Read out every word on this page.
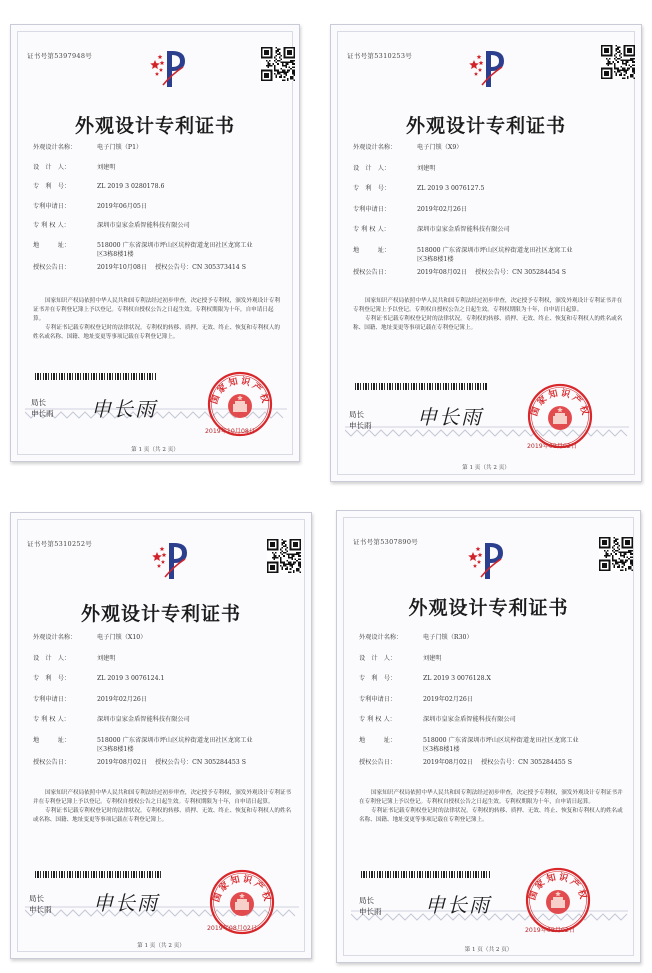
证书号第5397948号
外观设计专利证书
外观设计名称：	电子门锁（P1）
设　计　人：	刘建明
专　利　号：	ZL 2019 3 0280178.6
专利申请日：	2019年06月05日
专 利 权 人：	深圳市皇家金盾智能科技有限公司
地　　　址：	518000 广东省深圳市坪山区坑梓街道龙田社区龙窝工业
区3栋8楼1楼
授权公告日：	2019年10月08日 授权公告号：CN 305373414 S

国家知识产权局依照中华人民共和国专利法经过初步审查，决定授予专利权，颁发外观设计专利证书并在专利登记簿上予以登记。专利权自授权公告之日起生效。专利权期限为十年，自申请日起算。

专利证书记载专利权登记时的法律状况。专利权的转移、质押、无效、终止、恢复和专利权人的姓名或名称、国籍、地址变更等事项记载在专利登记簿上。

局长
申长雨 申长雨	国家知识产权
2019年10月08日
第 1 页（共 2 页）
证书号第5310253号
外观设计专利证书
外观设计名称：	电子门锁（X9）
设　计　人：	刘建明
专　利　号：	ZL 2019 3 0076127.5
专利申请日：	2019年02月26日
专 利 权 人：	深圳市皇家金盾智能科技有限公司
地　　　址：	518000 广东省深圳市坪山区坑梓街道龙田社区龙窝工业
区3栋8楼1楼
授权公告日：	2019年08月02日 授权公告号：CN 305284454 S

国家知识产权局依照中华人民共和国专利法经过初步审查，决定授予专利权，颁发外观设计专利证书并在专利登记簿上予以登记。专利权自授权公告之日起生效。专利权期限为十年，自申请日起算。

专利证书记载专利权登记时的法律状况。专利权的转移、质押、无效、终止、恢复和专利权人的姓名或名称、国籍、地址变更等事项记载在专利登记簿上。

局长
申长雨 申长雨	国家知识产权
2019年08月02日
第 1 页（共 2 页）
证书号第5310252号
外观设计专利证书
外观设计名称：	电子门锁（X10）
设　计　人：	刘建明
专　利　号：	ZL 2019 3 0076124.1
专利申请日：	2019年02月26日
专 利 权 人：	深圳市皇家金盾智能科技有限公司
地　　　址：	518000 广东省深圳市坪山区坑梓街道龙田社区龙窝工业
区3栋8楼1楼
授权公告日：	2019年08月02日 授权公告号：CN 305284453 S

国家知识产权局依照中华人民共和国专利法经过初步审查，决定授予专利权，颁发外观设计专利证书并在专利登记簿上予以登记。专利权自授权公告之日起生效。专利权期限为十年，自申请日起算。

专利证书记载专利权登记时的法律状况。专利权的转移、质押、无效、终止、恢复和专利权人的姓名或名称、国籍、地址变更等事项记载在专利登记簿上。

局长
申长雨 申长雨	国家知识产权
2019年08月02日
第 1 页（共 2 页）
证书号第5307890号
外观设计专利证书
外观设计名称：	电子门锁（R30）
设　计　人：	刘建明
专　利　号：	ZL 2019 3 0076128.X
专利申请日：	2019年02月26日
专 利 权 人：	深圳市皇家金盾智能科技有限公司
地　　　址：	518000 广东省深圳市坪山区坑梓街道龙田社区龙窝工业
区3栋8楼1楼
授权公告日：	2019年08月02日 授权公告号：CN 305284455 S

国家知识产权局依照中华人民共和国专利法经过初步审查，决定授予专利权，颁发外观设计专利证书并在专利登记簿上予以登记。专利权自授权公告之日起生效。专利权期限为十年，自申请日起算。

专利证书记载专利权登记时的法律状况。专利权的转移、质押、无效、终止、恢复和专利权人的姓名或名称、国籍、地址变更等事项记载在专利登记簿上。

局长
申长雨 申长雨	国家知识产权
2019年08月02日
第 1 页（共 2 页）
